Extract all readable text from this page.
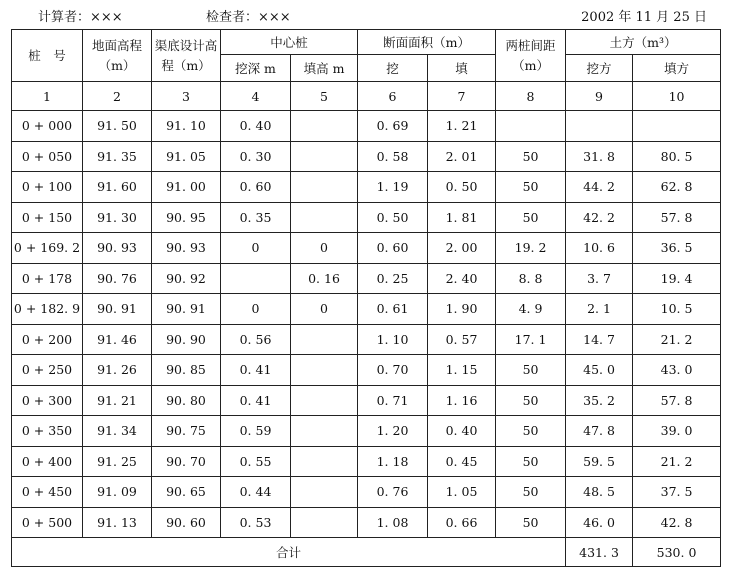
计算者：×××	检查者：×××	2002 年 11 月 25 日
桩　号	地面高程（m）	渠底设计高程（m）	中心桩		断面面积（m）		两桩间距（m）	土方（m³）	
			挖深 m	填高 m	挖	填		挖方	填方
1	2	3	4	5	6	7	8	9	10
0 + 000	91. 50	91. 10	0. 40		0. 69	1. 21			
0 + 050	91. 35	91. 05	0. 30		0. 58	2. 01	50	31. 8	80. 5
0 + 100	91. 60	91. 00	0. 60		1. 19	0. 50	50	44. 2	62. 8
0 + 150	91. 30	90. 95	0. 35		0. 50	1. 81	50	42. 2	57. 8
0 + 169. 2	90. 93	90. 93	0	0	0. 60	2. 00	19. 2	10. 6	36. 5
0 + 178	90. 76	90. 92		0. 16	0. 25	2. 40	8. 8	3. 7	19. 4
0 + 182. 9	90. 91	90. 91	0	0	0. 61	1. 90	4. 9	2. 1	10. 5
0 + 200	91. 46	90. 90	0. 56		1. 10	0. 57	17. 1	14. 7	21. 2
0 + 250	91. 26	90. 85	0. 41		0. 70	1. 15	50	45. 0	43. 0
0 + 300	91. 21	90. 80	0. 41		0. 71	1. 16	50	35. 2	57. 8
0 + 350	91. 34	90. 75	0. 59		1. 20	0. 40	50	47. 8	39. 0
0 + 400	91. 25	90. 70	0. 55		1. 18	0. 45	50	59. 5	21. 2
0 + 450	91. 09	90. 65	0. 44		0. 76	1. 05	50	48. 5	37. 5
0 + 500	91. 13	90. 60	0. 53		1. 08	0. 66	50	46. 0	42. 8
合计								431. 3	530. 0
